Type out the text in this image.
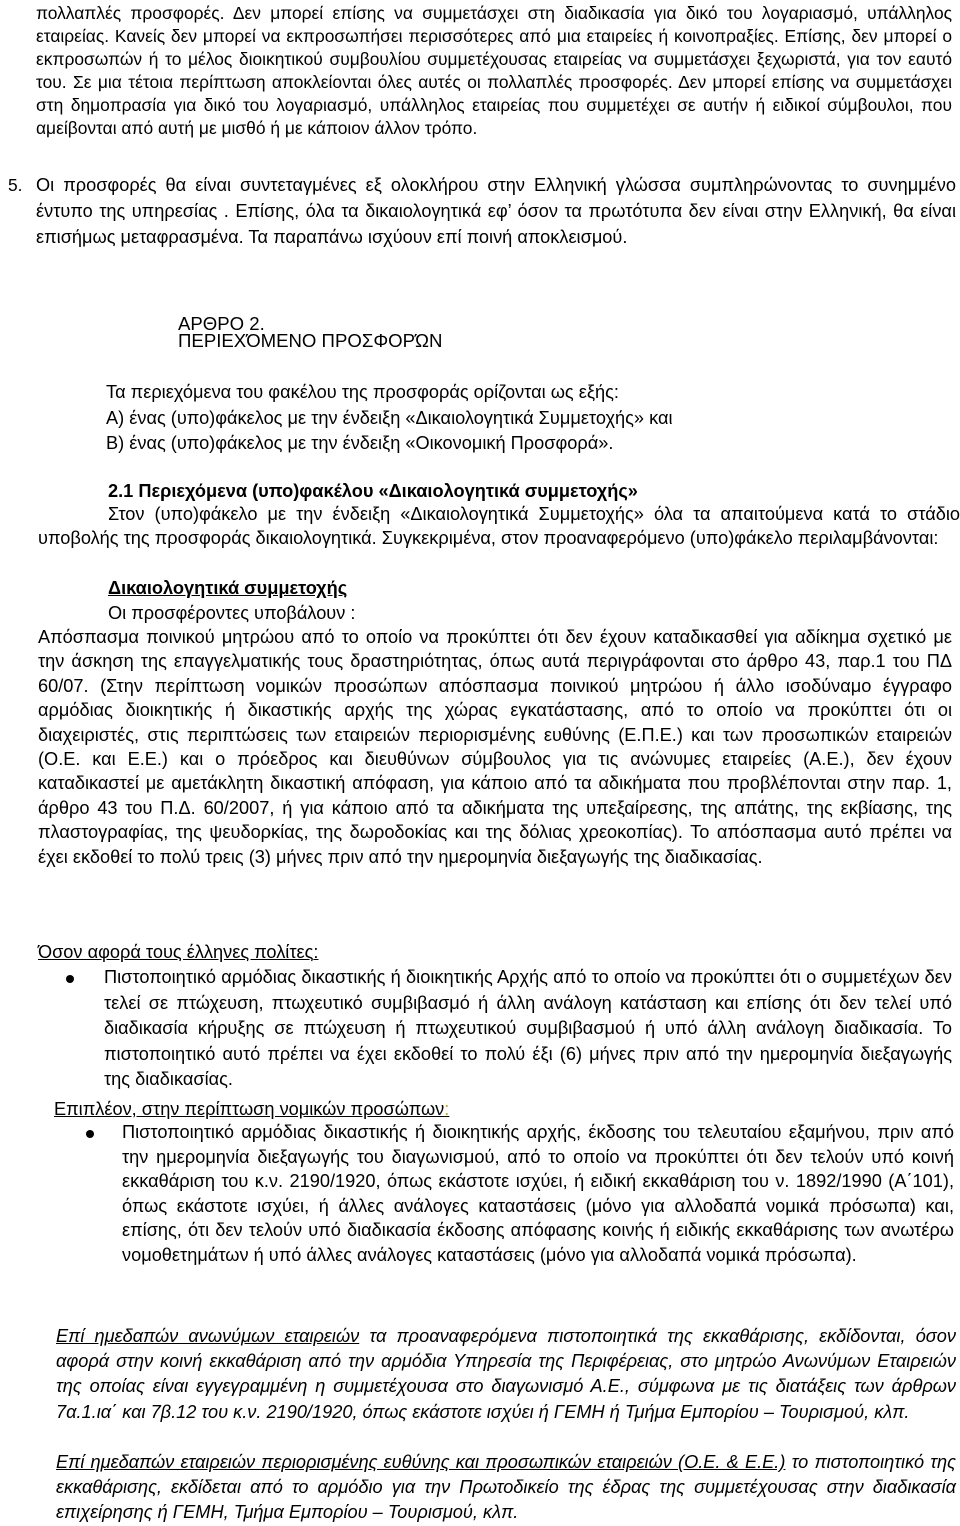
πολλαπλές προσφορές. Δεν μπορεί επίσης να συμμετάσχει στη διαδικασία για δικό του λογαριασμό, υπάλληλος εταιρείας. Κανείς δεν μπορεί να εκπροσωπήσει περισσότερες από μια εταιρείες ή κοινοπραξίες. Επίσης, δεν μπορεί ο εκπροσωπών ή το μέλος διοικητικού συμβουλίου συμμετέχουσας εταιρείας να συμμετάσχει ξεχωριστά, για τον εαυτό του. Σε μια τέτοια περίπτωση αποκλείονται όλες αυτές οι πολλαπλές προσφορές. Δεν μπορεί επίσης να συμμετάσχει στη δημοπρασία για δικό του λογαριασμό, υπάλληλος εταιρείας που συμμετέχει σε αυτήν ή ειδικοί σύμβουλοι, που αμείβονται από αυτή με μισθό ή με κάποιον άλλον τρόπο.

5. Οι προσφορές θα είναι συντεταγμένες εξ ολοκλήρου στην Ελληνική γλώσσα συμπληρώνοντας το συνημμένο έντυπο της υπηρεσίας . Επίσης, όλα τα δικαιολογητικά εφ’ όσον τα πρωτότυπα δεν είναι στην Ελληνική, θα είναι επισήμως μεταφρασμένα. Τα παραπάνω ισχύουν επί ποινή αποκλεισμού.

ΑΡΘΡΟ 2.
ΠΕΡΙΕΧΌΜΕΝΟ ΠΡΟΣΦΟΡΏΝ
Τα περιεχόμενα του φακέλου της προσφοράς ορίζονται ως εξής:
Α) ένας (υπο)φάκελος με την ένδειξη «Δικαιολογητικά Συμμετοχής» και
Β) ένας (υπο)φάκελος με την ένδειξη «Οικονομική Προσφορά».
2.1 Περιεχόμενα (υπο)φακέλου «Δικαιολογητικά συμμετοχής»

Στον (υπο)φάκελο με την ένδειξη «Δικαιολογητικά Συμμετοχής» όλα τα απαιτούμενα κατά το στάδιο υποβολής της προσφοράς δικαιολογητικά. Συγκεκριμένα, στον προαναφερόμενο (υπο)φάκελο περιλαμβάνονται:

Δικαιολογητικά συμμετοχής
Οι προσφέροντες υποβάλουν :

Απόσπασμα ποινικού μητρώου από το οποίο να προκύπτει ότι δεν έχουν καταδικασθεί για αδίκημα σχετικό με την άσκηση της επαγγελματικής τους δραστηριότητας, όπως αυτά περιγράφονται στο άρθρο 43, παρ.1 του ΠΔ 60/07. (Στην περίπτωση νομικών προσώπων απόσπασμα ποινικού μητρώου ή άλλο ισοδύναμο έγγραφο αρμόδιας διοικητικής ή δικαστικής αρχής της χώρας εγκατάστασης, από το οποίο να προκύπτει ότι οι διαχειριστές, στις περιπτώσεις των εταιρειών περιορισμένης ευθύνης (Ε.Π.Ε.) και των προσωπικών εταιρειών (Ο.Ε. και Ε.Ε.) και ο πρόεδρος και διευθύνων σύμβουλος για τις ανώνυμες εταιρείες (Α.Ε.), δεν έχουν καταδικαστεί με αμετάκλητη δικαστική απόφαση, για κάποιο από τα αδικήματα που προβλέπονται στην παρ. 1, άρθρο 43 του Π.Δ. 60/2007, ή για κάποιο από τα αδικήματα της υπεξαίρεσης, της απάτης, της εκβίασης, της πλαστογραφίας, της ψευδορκίας, της δωροδοκίας και της δόλιας χρεοκοπίας). Το απόσπασμα αυτό πρέπει να έχει εκδοθεί το πολύ τρεις (3) μήνες πριν από την ημερομηνία διεξαγωγής της διαδικασίας.

Όσον αφορά τους έλληνες πολίτες:

Πιστοποιητικό αρμόδιας δικαστικής ή διοικητικής Αρχής από το οποίο να προκύπτει ότι ο συμμετέχων δεν τελεί σε πτώχευση, πτωχευτικό συμβιβασμό ή άλλη ανάλογη κατάσταση και επίσης ότι δεν τελεί υπό διαδικασία κήρυξης σε πτώχευση ή πτωχευτικού συμβιβασμού ή υπό άλλη ανάλογη διαδικασία. Το πιστοποιητικό αυτό πρέπει να έχει εκδοθεί το πολύ έξι (6) μήνες πριν από την ημερομηνία διεξαγωγής της διαδικασίας.

Επιπλέον, στην περίπτωση νομικών προσώπων:

Πιστοποιητικό αρμόδιας δικαστικής ή διοικητικής αρχής, έκδοσης του τελευταίου εξαμήνου, πριν από την ημερομηνία διεξαγωγής του διαγωνισμού, από το οποίο να προκύπτει ότι δεν τελούν υπό κοινή εκκαθάριση του κ.ν. 2190/1920, όπως εκάστοτε ισχύει, ή ειδική εκκαθάριση του ν. 1892/1990 (Α΄101), όπως εκάστοτε ισχύει, ή άλλες ανάλογες καταστάσεις (μόνο για αλλοδαπά νομικά πρόσωπα) και, επίσης, ότι δεν τελούν υπό διαδικασία έκδοσης απόφασης κοινής ή ειδικής εκκαθάρισης των ανωτέρω νομοθετημάτων ή υπό άλλες ανάλογες καταστάσεις (μόνο για αλλοδαπά νομικά πρόσωπα).

Επί ημεδαπών ανωνύμων εταιρειών τα προαναφερόμενα πιστοποιητικά της εκκαθάρισης, εκδίδονται, όσον αφορά στην κοινή εκκαθάριση από την αρμόδια Υπηρεσία της Περιφέρειας, στο μητρώο Ανωνύμων Εταιρειών της οποίας είναι εγγεγραμμένη η συμμετέχουσα στο διαγωνισμό Α.Ε., σύμφωνα με τις διατάξεις των άρθρων 7α.1.ια΄ και 7β.12 του κ.ν. 2190/1920, όπως εκάστοτε ισχύει ή ΓΕΜΗ ή Τμήμα Εμπορίου – Τουρισμού, κλπ.

Επί ημεδαπών εταιρειών περιορισμένης ευθύνης και προσωπικών εταιρειών (Ο.Ε. & Ε.Ε.) το πιστοποιητικό της εκκαθάρισης, εκδίδεται από το αρμόδιο για την Πρωτοδικείο της έδρας της συμμετέχουσας στην διαδικασία επιχείρησης ή ΓΕΜΗ, Τμήμα Εμπορίου – Τουρισμού, κλπ.
